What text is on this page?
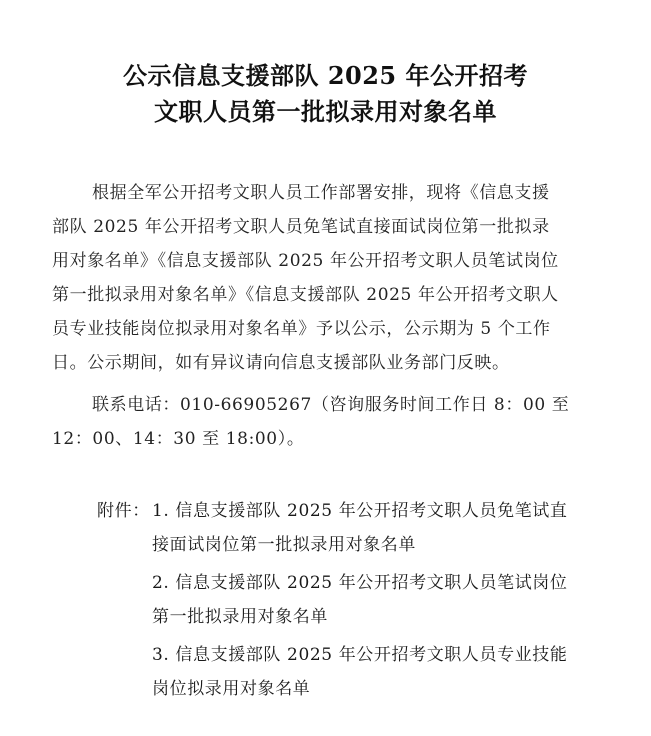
公示信息支援部队 2025 年公开招考
文职人员第一批拟录用对象名单
根据全军公开招考文职人员工作部署安排，现将《信息支援
部队 2025 年公开招考文职人员免笔试直接面试岗位第一批拟录
用对象名单》《信息支援部队 2025 年公开招考文职人员笔试岗位
第一批拟录用对象名单》《信息支援部队 2025 年公开招考文职人
员专业技能岗位拟录用对象名单》予以公示，公示期为 5 个工作
日。公示期间，如有异议请向信息支援部队业务部门反映。
联系电话：010-66905267（咨询服务时间工作日 8：00 至
12：00、14：30 至 18:00）。
附件： 1. 信息支援部队 2025 年公开招考文职人员免笔试直
接面试岗位第一批拟录用对象名单
2. 信息支援部队 2025 年公开招考文职人员笔试岗位
第一批拟录用对象名单
3. 信息支援部队 2025 年公开招考文职人员专业技能
岗位拟录用对象名单
